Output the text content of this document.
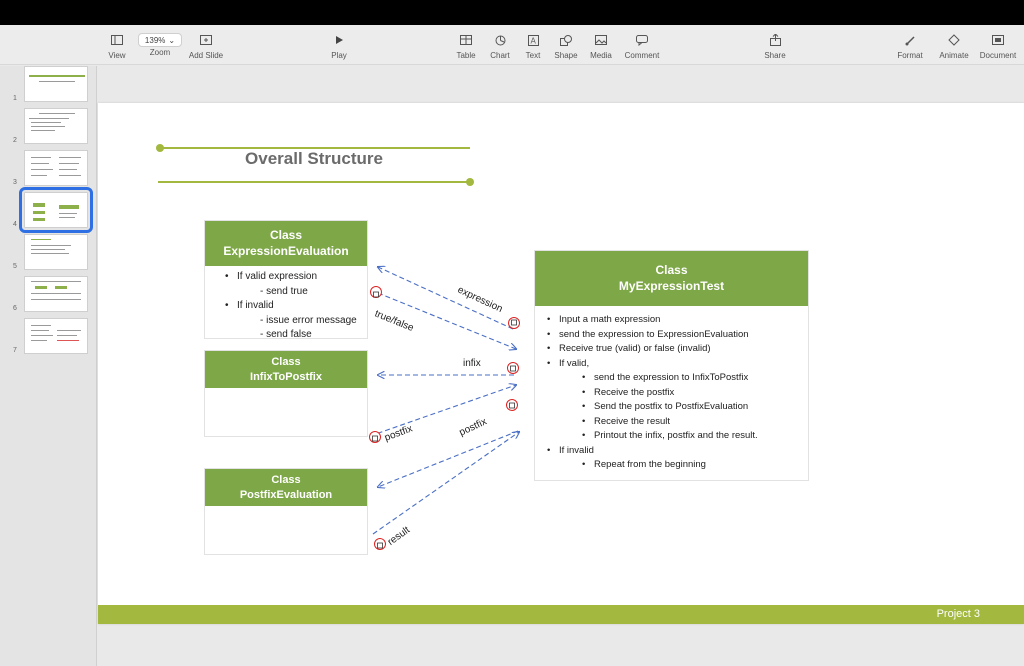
View
139% ⌄
Zoom Add Slide	Play	Table Chart
A
Text Shape Media Comment	Share	Format Animate Document
1
2
3
4
5
6
7
Overall Structure
Class
ExpressionEvaluation
• If valid expression
- send true
• If invalid
- issue error message
- send false
Class
InfixToPostfix
Class
PostfixEvaluation
Class
MyExpressionTest
• Input a math expression
• send the expression to ExpressionEvaluation
• Receive true (valid) or false (invalid)
• If valid,
• send the expression to InfixToPostfix
• Receive the postfix
• Send the postfix to PostfixEvaluation
• Receive the result
• Printout the infix, postfix and the result.
• If invalid
• Repeat from the beginning
expression
true/false
infix
postfix	postfix
result
Project 3
